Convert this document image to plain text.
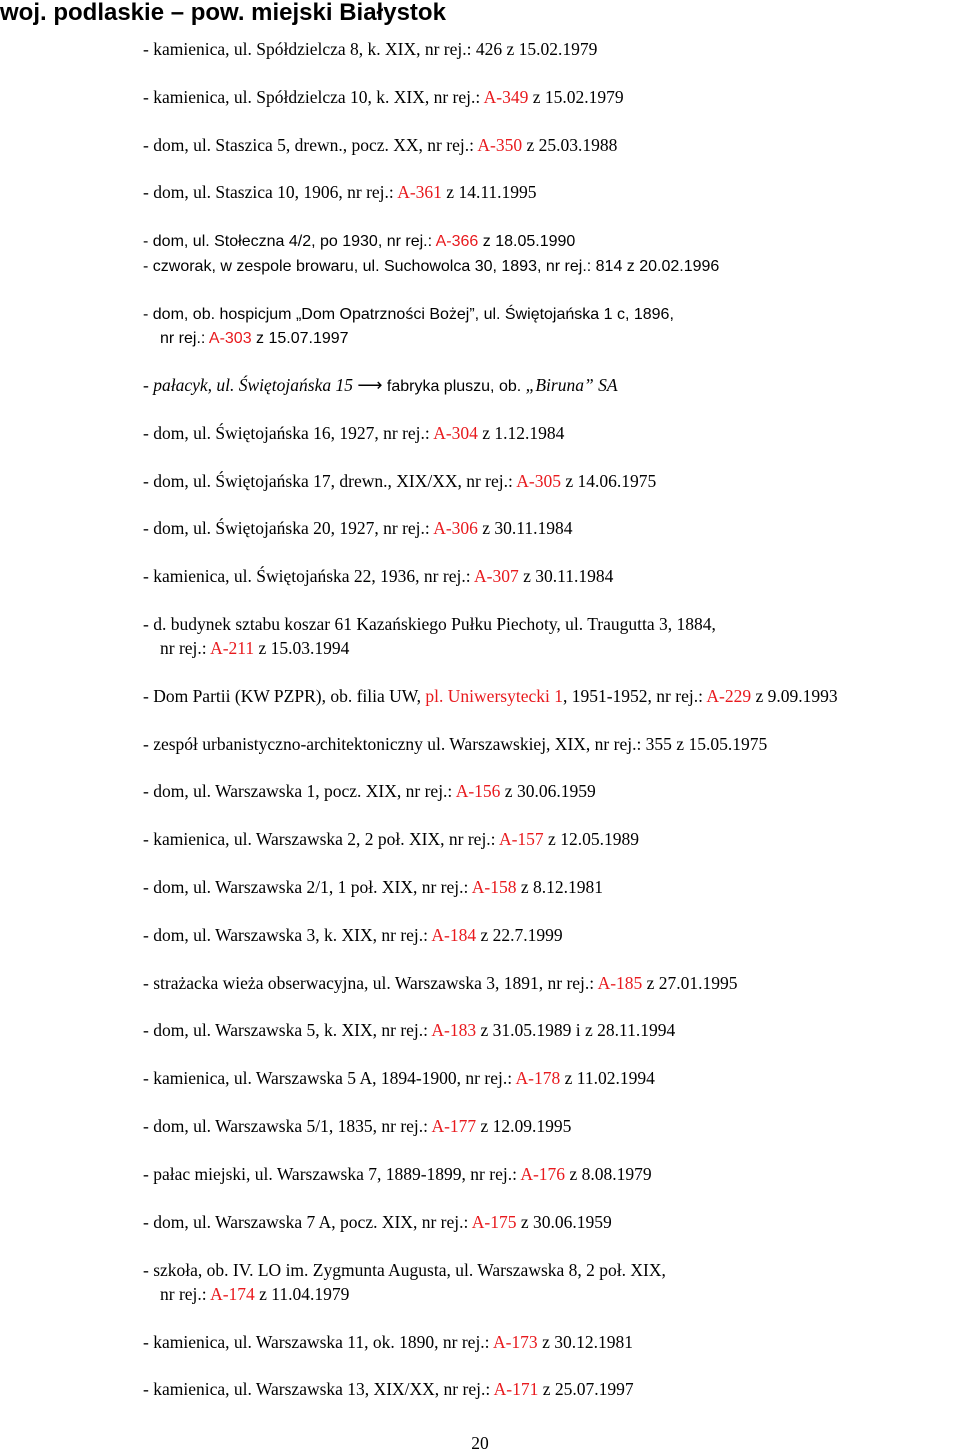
woj. podlaskie – pow. miejski Białystok

- kamienica, ul. Spółdzielcza 8, k. XIX, nr rej.: 426 z 15.02.1979

- kamienica, ul. Spółdzielcza 10, k. XIX, nr rej.: A-349 z 15.02.1979

- dom, ul. Staszica 5, drewn., pocz. XX, nr rej.: A-350 z 25.03.1988

- dom, ul. Staszica 10, 1906, nr rej.: A-361 z 14.11.1995

- dom, ul. Stołeczna 4/2, po 1930, nr rej.: A-366 z 18.05.1990

- czworak, w zespole browaru, ul. Suchowolca 30, 1893, nr rej.: 814 z 20.02.1996

- dom, ob. hospicjum „Dom Opatrzności Bożej”, ul. Świętojańska 1 c, 1896,
nr rej.: A-303 z 15.07.1997

- pałacyk, ul. Świętojańska 15 ⟶ fabryka pluszu, ob. „Biruna” SA

- dom, ul. Świętojańska 16, 1927, nr rej.: A-304 z 1.12.1984

- dom, ul. Świętojańska 17, drewn., XIX/XX, nr rej.: A-305 z 14.06.1975

- dom, ul. Świętojańska 20, 1927, nr rej.: A-306 z 30.11.1984

- kamienica, ul. Świętojańska 22, 1936, nr rej.: A-307 z 30.11.1984

- d. budynek sztabu koszar 61 Kazańskiego Pułku Piechoty, ul. Traugutta 3, 1884,
nr rej.: A-211 z 15.03.1994

- Dom Partii (KW PZPR), ob. filia UW, pl. Uniwersytecki 1, 1951-1952, nr rej.: A-229 z 9.09.1993

- zespół urbanistyczno-architektoniczny ul. Warszawskiej, XIX, nr rej.: 355 z 15.05.1975

- dom, ul. Warszawska 1, pocz. XIX, nr rej.: A-156 z 30.06.1959

- kamienica, ul. Warszawska 2, 2 poł. XIX, nr rej.: A-157 z 12.05.1989

- dom, ul. Warszawska 2/1, 1 poł. XIX, nr rej.: A-158 z 8.12.1981

- dom, ul. Warszawska 3, k. XIX, nr rej.: A-184 z 22.7.1999

- strażacka wieża obserwacyjna, ul. Warszawska 3, 1891, nr rej.: A-185 z 27.01.1995

- dom, ul. Warszawska 5, k. XIX, nr rej.: A-183 z 31.05.1989 i z 28.11.1994

- kamienica, ul. Warszawska 5 A, 1894-1900, nr rej.: A-178 z 11.02.1994

- dom, ul. Warszawska 5/1, 1835, nr rej.: A-177 z 12.09.1995

- pałac miejski, ul. Warszawska 7, 1889-1899, nr rej.: A-176 z 8.08.1979

- dom, ul. Warszawska 7 A, pocz. XIX, nr rej.: A-175 z 30.06.1959

- szkoła, ob. IV. LO im. Zygmunta Augusta, ul. Warszawska 8, 2 poł. XIX,
nr rej.: A-174 z 11.04.1979

- kamienica, ul. Warszawska 11, ok. 1890, nr rej.: A-173 z 30.12.1981

- kamienica, ul. Warszawska 13, XIX/XX, nr rej.: A-171 z 25.07.1997

20
